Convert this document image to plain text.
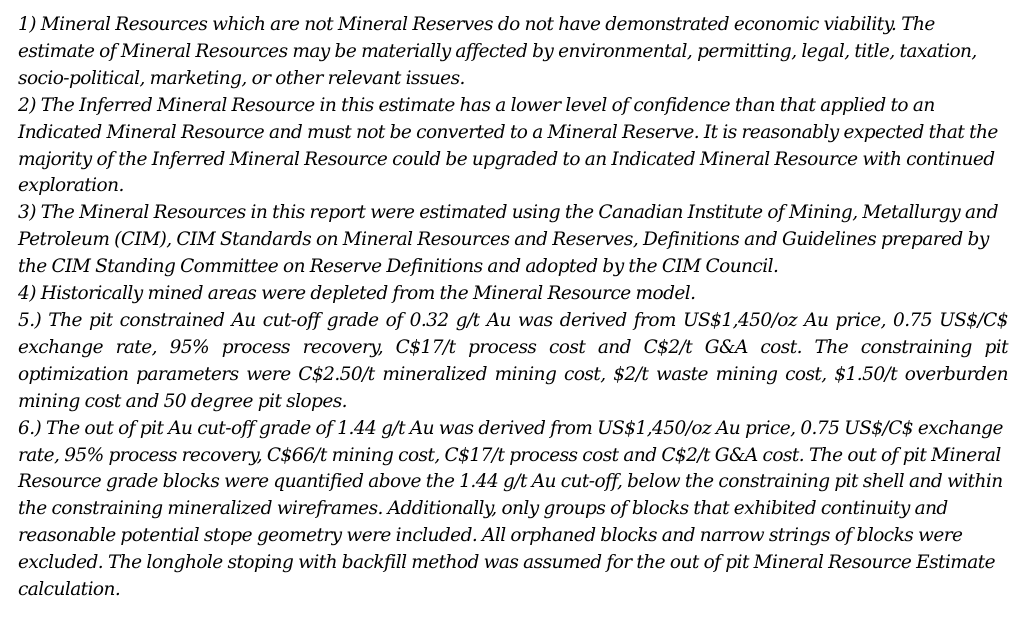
1) Mineral Resources which are not Mineral Reserves do not have demonstrated economic viability. The estimate of Mineral Resources may be materially affected by environmental, permitting, legal, title, taxation, socio-political, marketing, or other relevant issues.

2) The Inferred Mineral Resource in this estimate has a lower level of confidence than that applied to an Indicated Mineral Resource and must not be converted to a Mineral Reserve. It is reasonably expected that the majority of the Inferred Mineral Resource could be upgraded to an Indicated Mineral Resource with continued exploration.

3) The Mineral Resources in this report were estimated using the Canadian Institute of Mining, Metallurgy and Petroleum (CIM), CIM Standards on Mineral Resources and Reserves, Definitions and Guidelines prepared by the CIM Standing Committee on Reserve Definitions and adopted by the CIM Council.

4) Historically mined areas were depleted from the Mineral Resource model.

5.) The pit constrained Au cut-off grade of 0.32 g/t Au was derived from US$1,450/oz Au price, 0.75 US$/C$ exchange rate, 95% process recovery, C$17/t process cost and C$2/t G&A cost. The constraining pit optimization parameters were C$2.50/t mineralized mining cost, $2/t waste mining cost, $1.50/t overburden mining cost and 50 degree pit slopes.

6.) The out of pit Au cut-off grade of 1.44 g/t Au was derived from US$1,450/oz Au price, 0.75 US$/C$ exchange rate, 95% process recovery, C$66/t mining cost, C$17/t process cost and C$2/t G&A cost. The out of pit Mineral Resource grade blocks were quantified above the 1.44 g/t Au cut-off, below the constraining pit shell and within the constraining mineralized wireframes. Additionally, only groups of blocks that exhibited continuity and reasonable potential stope geometry were included. All orphaned blocks and narrow strings of blocks were excluded. The longhole stoping with backfill method was assumed for the out of pit Mineral Resource Estimate calculation.
